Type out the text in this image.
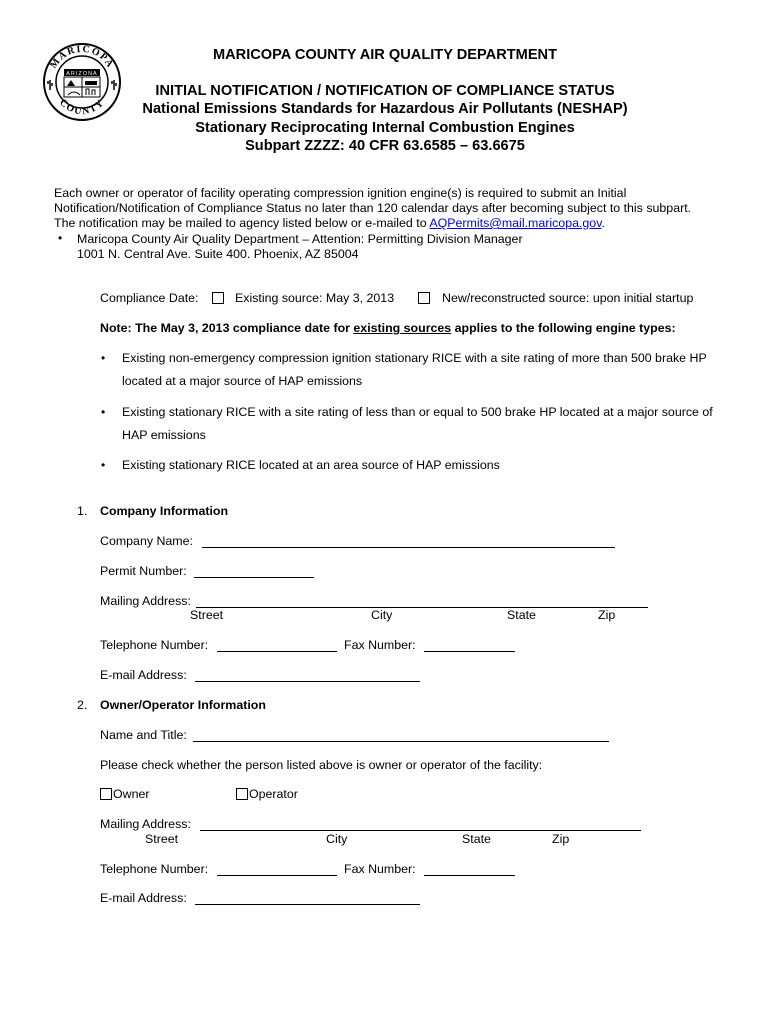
MARICOPA
COUNTY
ARIZONA
MARICOPA COUNTY AIR QUALITY DEPARTMENT
INITIAL NOTIFICATION / NOTIFICATION OF COMPLIANCE STATUS
National Emissions Standards for Hazardous Air Pollutants (NESHAP)
Stationary Reciprocating Internal Combustion Engines
Subpart ZZZZ: 40 CFR 63.6585 – 63.6675
Each owner or operator of facility operating compression ignition engine(s) is required to submit an Initial
Notification/Notification of Compliance Status no later than 120 calendar days after becoming subject to this subpart.
The notification may be mailed to agency listed below or e-mailed to AQPermits@mail.maricopa.gov.
• Maricopa County Air Quality Department – Attention: Permitting Division Manager
1001 N. Central Ave. Suite 400. Phoenix, AZ 85004
Compliance Date:	Existing source: May 3, 2013	New/reconstructed source: upon initial startup
Note: The May 3, 2013 compliance date for existing sources applies to the following engine types:
• Existing non-emergency compression ignition stationary RICE with a site rating of more than 500 brake HP
located at a major source of HAP emissions
• Existing stationary RICE with a site rating of less than or equal to 500 brake HP located at a major source of
HAP emissions
• Existing stationary RICE located at an area source of HAP emissions
1. Company Information
Company Name:
Permit Number:
Mailing Address:
Street	City	State	Zip
Telephone Number:	Fax Number:
E-mail Address:
2. Owner/Operator Information
Name and Title:
Please check whether the person listed above is owner or operator of the facility:
Owner	Operator
Mailing Address:
Street	City	State	Zip
Telephone Number:	Fax Number:
E-mail Address:
